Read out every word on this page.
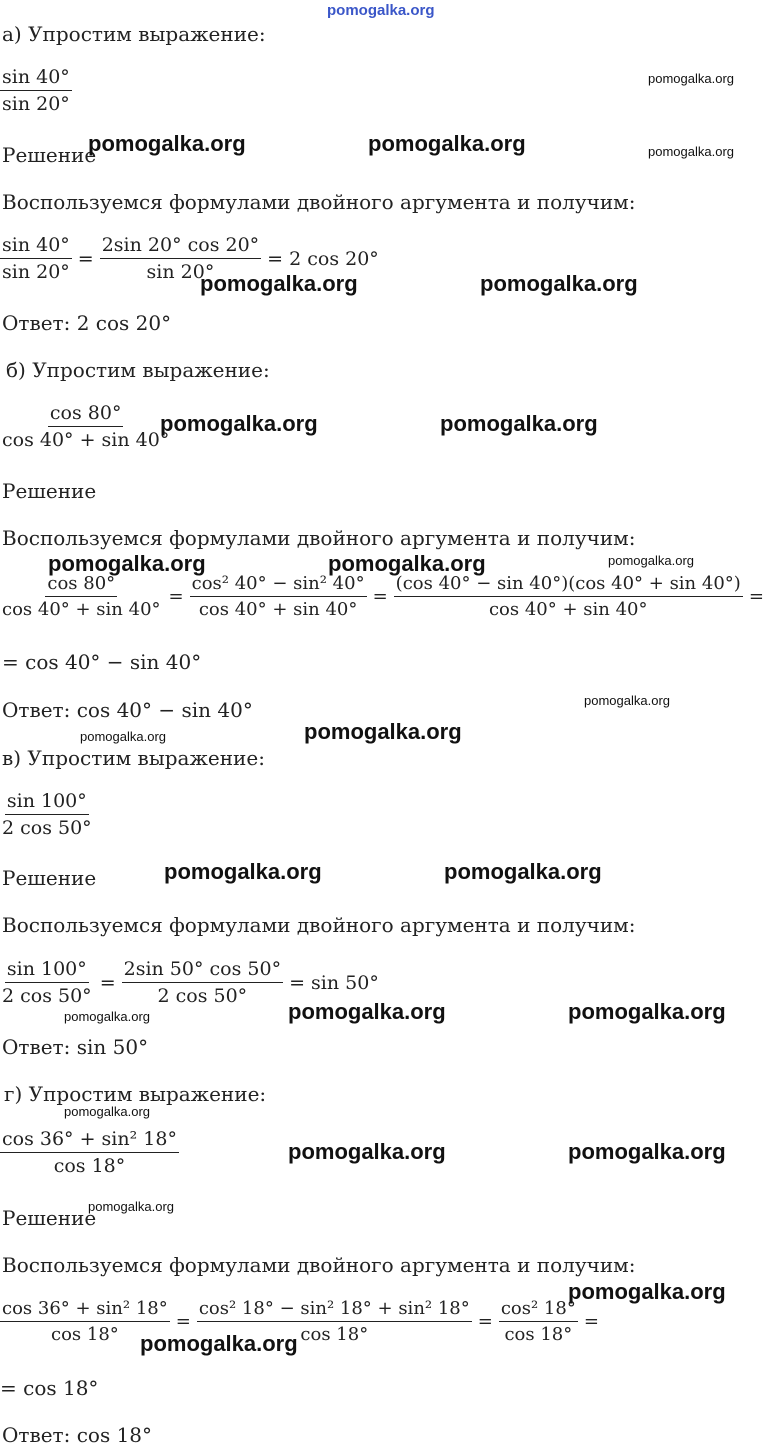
pomogalka.org
а) Упростим выражение:
$\frac{\sin 40^\circ}{\sin 20^\circ}$
Решение
Воспользуемся формулами двойного аргумента и получим:
$\frac{\sin 40^\circ}{\sin 20^\circ} = \frac{2\sin 20^\circ \cos 20^\circ}{\sin 20^\circ} = 2$ cos 20°
Ответ: 2 cos 20°
б) Упростим выражение:
$\frac{\cos 80^\circ}{\cos 40^\circ + \sin 40^\circ}$
Решение
Воспользуемся формулами двойного аргумента и получим:
$\frac{\cos 80^\circ}{\cos 40^\circ + \sin 40^\circ} = \frac{\text{cos² 40° − sin² 40°}}{\cos 40^\circ + \sin 40^\circ} = \frac{(\cos 40^\circ - \sin 40^\circ)(\cos 40^\circ + \sin 40^\circ)}{\cos 40^\circ + \sin 40^\circ}$ =
= cos 40° − sin 40°
Ответ: cos 40° − sin 40°
в) Упростим выражение:
$\frac{\sin 100^\circ}{2 \cos 50^\circ}$
Решение
Воспользуемся формулами двойного аргумента и получим:
$\frac{\sin 100^\circ}{2 \cos 50^\circ} = \frac{2\sin 50^\circ \cos 50^\circ}{2 \cos 50^\circ} = \sin 50^\circ$
Ответ: sin 50°
г) Упростим выражение:
$\frac{\text{cos 36° + sin² 18°}}{\cos 18^\circ}$
Решение
Воспользуемся формулами двойного аргумента и получим:
$\frac{\text{cos 36° + sin² 18°}}{\cos 18^\circ} = \frac{\text{cos² 18° − sin² 18° + sin² 18°}}{\cos 18^\circ} = \frac{\text{cos² 18°}}{\cos 18^\circ}$ =
= cos 18°
Ответ: cos 18°
pomogalka.org
pomogalka.org	pomogalka.org	pomogalka.org
pomogalka.org	pomogalka.org
pomogalka.org	pomogalka.org
pomogalka.org	pomogalka.org	pomogalka.org
pomogalka.org
pomogalka.org
pomogalka.org
pomogalka.org	pomogalka.org
pomogalka.org	pomogalka.org
pomogalka.org
pomogalka.org
pomogalka.org	pomogalka.org
pomogalka.org
pomogalka.org
pomogalka.org
